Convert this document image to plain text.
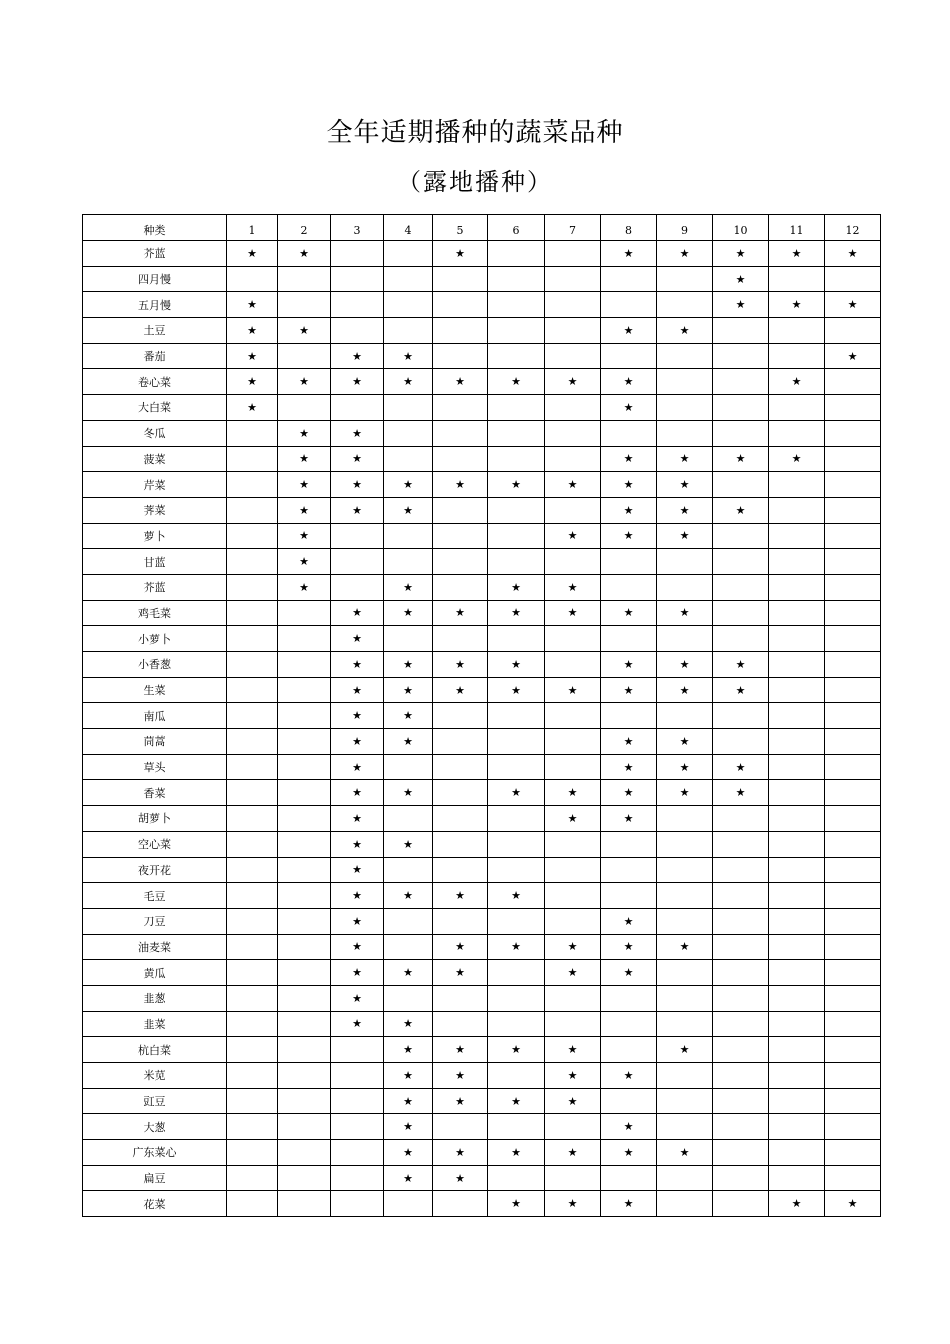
全年适期播种的蔬菜品种
（露地播种）
种类	1	2	3	4	5	6	7	8	9	10	11	12
芥蓝	★	★			★			★	★	★	★	★
四月慢										★		
五月慢	★									★	★	★
土豆	★	★						★	★			
番茄	★		★	★								★
卷心菜	★	★	★	★	★	★	★	★			★	
大白菜	★							★				
冬瓜		★	★									
菠菜		★	★					★	★	★	★	
芹菜		★	★	★	★	★	★	★	★			
荠菜		★	★	★				★	★	★		
萝卜		★					★	★	★			
甘蓝		★										
芥蓝		★		★		★	★					
鸡毛菜			★	★	★	★	★	★	★			
小萝卜			★									
小香葱			★	★	★	★		★	★	★		
生菜			★	★	★	★	★	★	★	★		
南瓜			★	★								
茼蒿			★	★				★	★			
草头			★					★	★	★		
香菜			★	★		★	★	★	★	★		
胡萝卜			★				★	★				
空心菜			★	★								
夜开花			★									
毛豆			★	★	★	★						
刀豆			★					★				
油麦菜			★		★	★	★	★	★			
黄瓜			★	★	★		★	★				
韭葱			★									
韭菜			★	★								
杭白菜				★	★	★	★		★			
米苋				★	★		★	★				
豇豆				★	★	★	★					
大葱				★				★				
广东菜心				★	★	★	★	★	★			
扁豆				★	★							
花菜						★	★	★			★	★
